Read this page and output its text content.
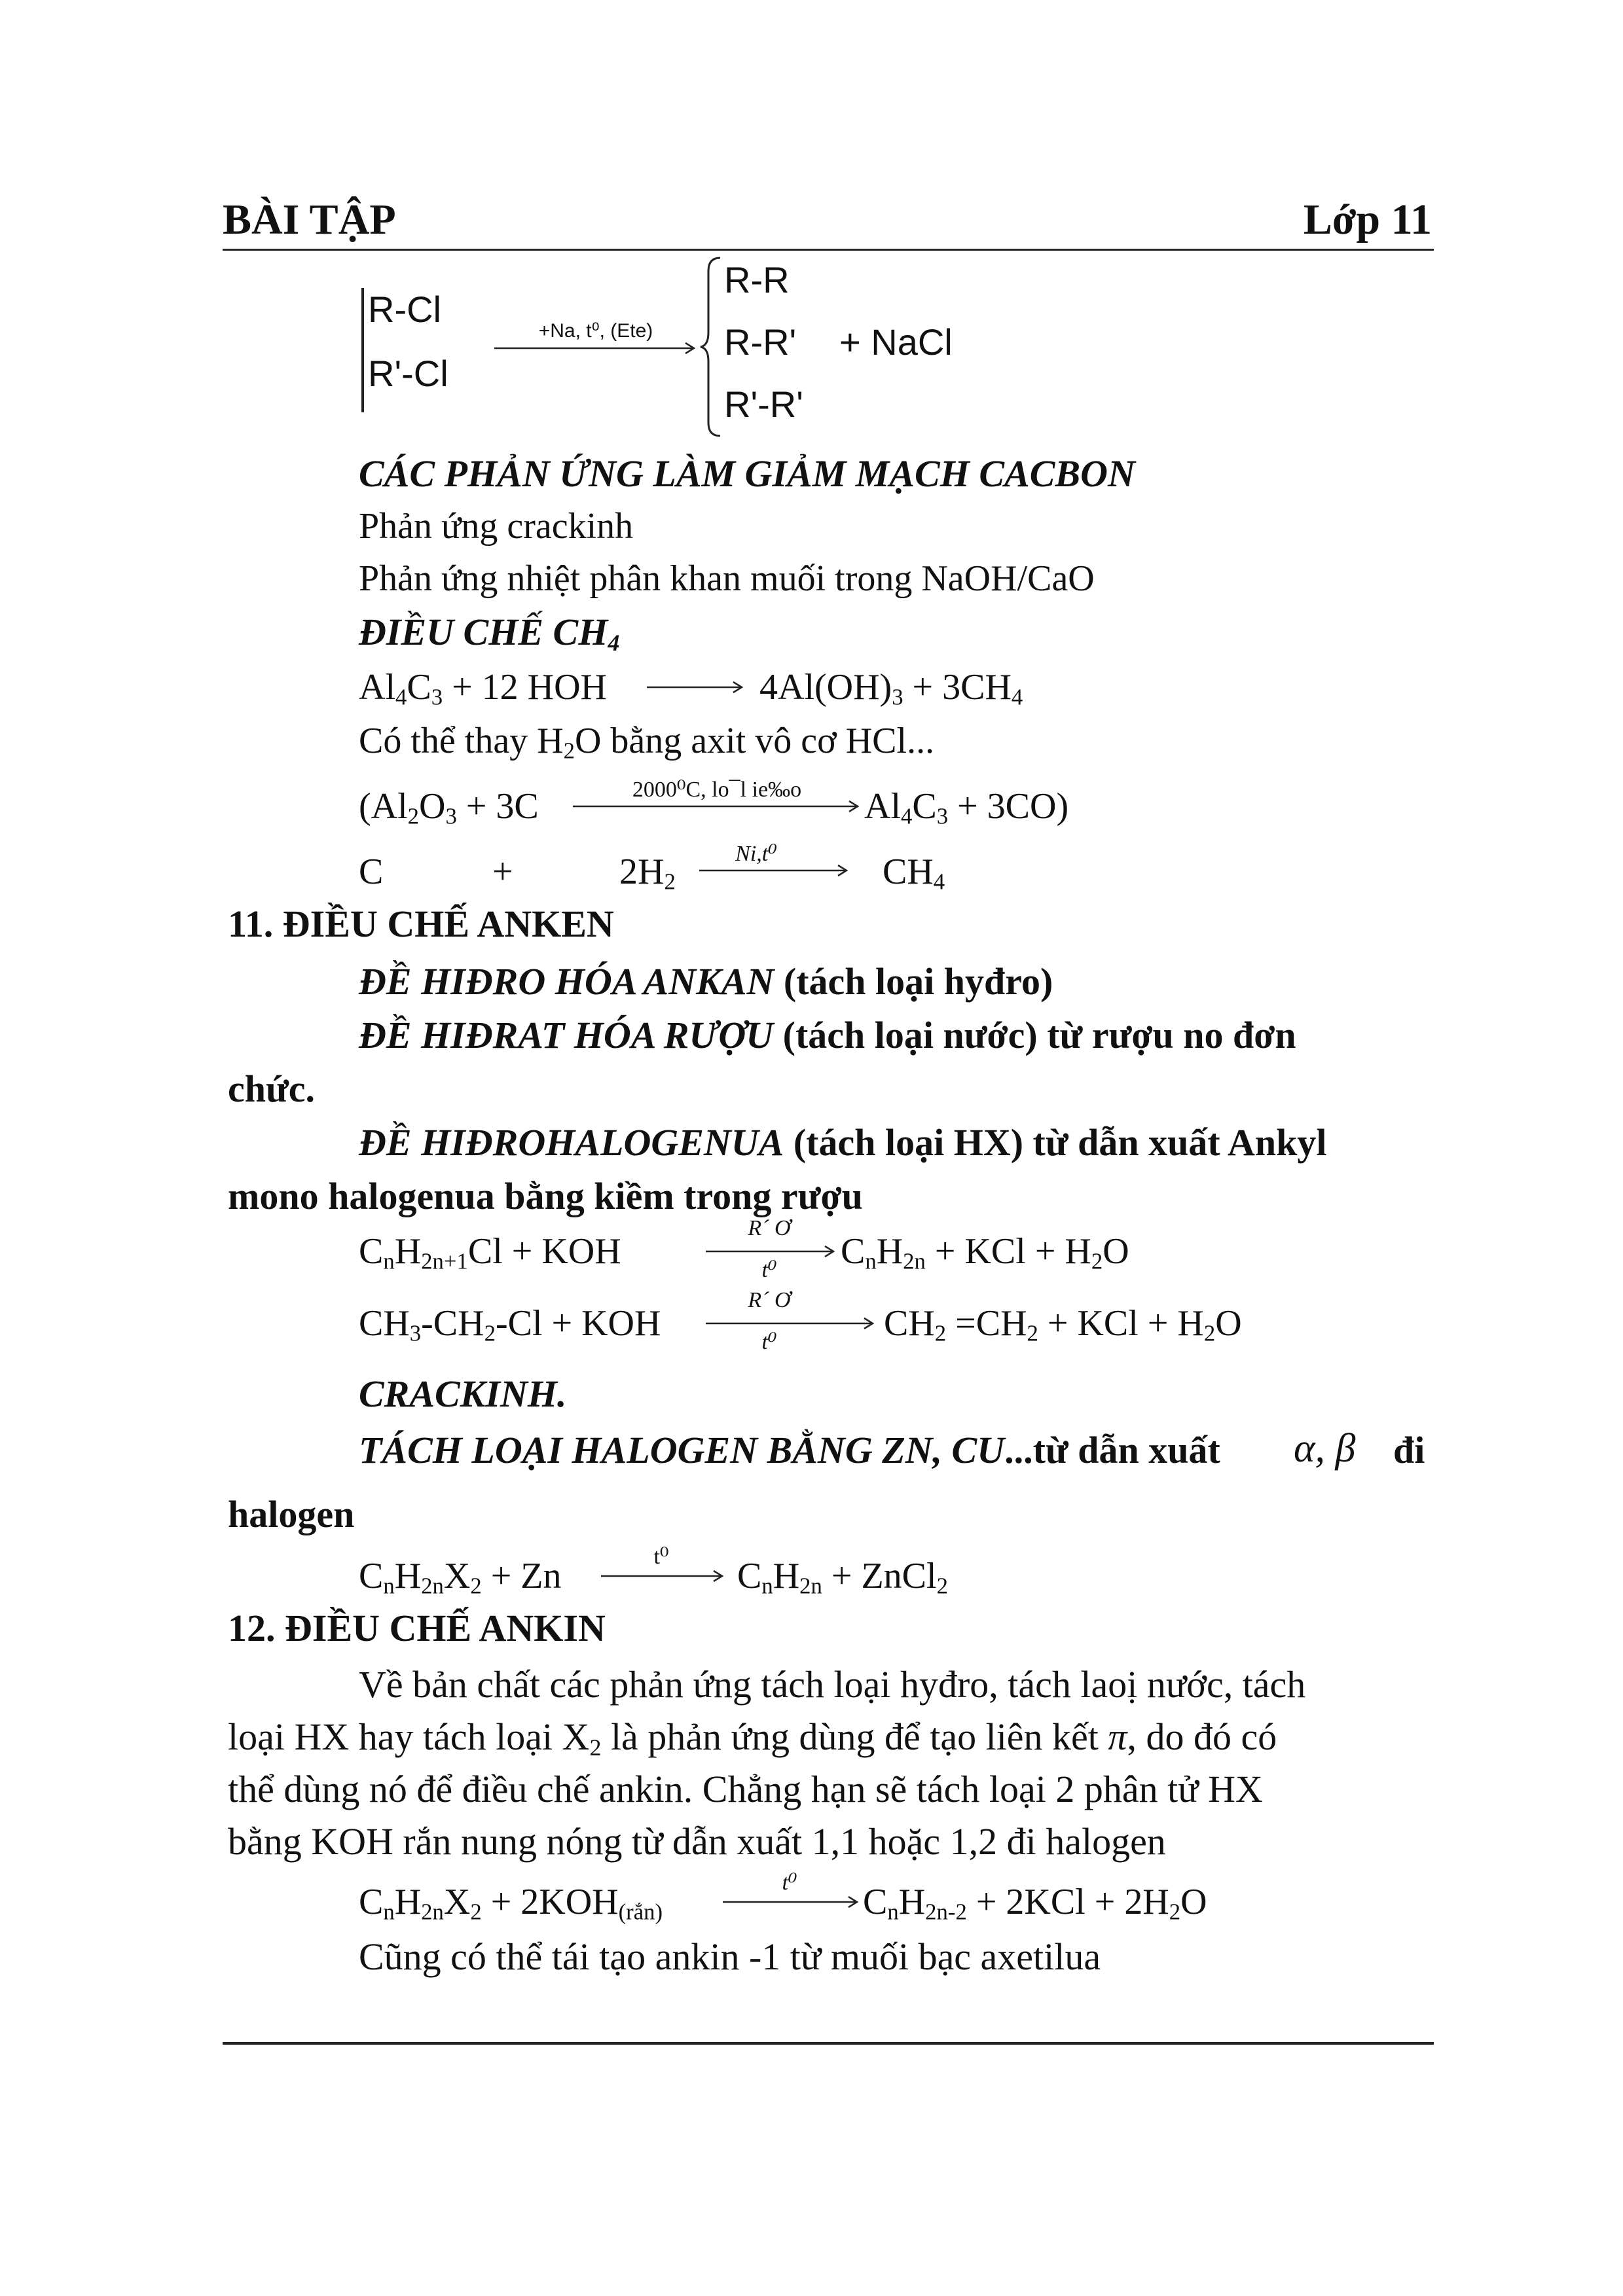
BÀI TẬP	Lớp 11
R-Cl
R'-Cl
+Na, t⁰, (Ete)
R-R
R-R'
R'-R'
+ NaCl
CÁC PHẢN ỨNG LÀM GIẢM MẠCH CACBON
Phản ứng crackinh
Phản ứng nhiệt phân khan muối trong NaOH/CaO
ĐIỀU CHẾ $CH_4$
$Al_4C_3 + 12$ HOH	$4Al(OH)_3 + 3CH_4$
Có thể thay $H_2O$ bằng axit vô cơ HCl...
($Al_2O_3 + 3C$	2000⁰C, lo¯l ie‰o	$Al_4C_3 + 3CO$)
C	+	$2H_2$
Ni,t⁰	$CH_4$
11. ĐIỀU CHẾ ANKEN
ĐỀ HIĐRO HÓA ANKAN (tách loại hyđro)
ĐỀ HIĐRAT HÓA RƯỢU (tách loại nước) từ rượu no đơn
chức.
ĐỀ HIĐROHALOGENUA (tách loại HX) từ dẫn xuất Ankyl
mono halogenua bằng kiềm trong rượu
$C_nH_{2n+1}Cl$ + KOH
R´ Ơ
t⁰	$C_nH_{2n}$ + KCl + $H_2O$
$CH_3-CH_2-Cl$ + KOH
R´ Ơ
t⁰	$CH_2 =CH_2$ + KCl + $H_2O$
CRACKINH.
TÁCH LOẠI HALOGEN BẰNG ZN, CU...từ dẫn xuất α, β đi
halogen
$C_nH_{2n}X_2 + Zn$	t⁰	$C_nH_{2n}$ + ZnCl$_2$
12. ĐIỀU CHẾ ANKIN
Về bản chất các phản ứng tách loại hyđro, tách laoị nước, tách
loại HX hay tách loại $X_2$ là phản ứng dùng để tạo liên kết π, do đó có
thể dùng nó để điều chế ankin. Chẳng hạn sẽ tách loại 2 phân tử HX
bằng KOH rắn nung nóng từ dẫn xuất 1,1 hoặc 1,2 đi halogen
$C_nH_{2n}X_2 + 2KOH_{(rắn)}$
t⁰	$C_nH_{2n-2} + 2KCl + 2H_2O$
Cũng có thể tái tạo ankin -1 từ muối bạc axetilua
